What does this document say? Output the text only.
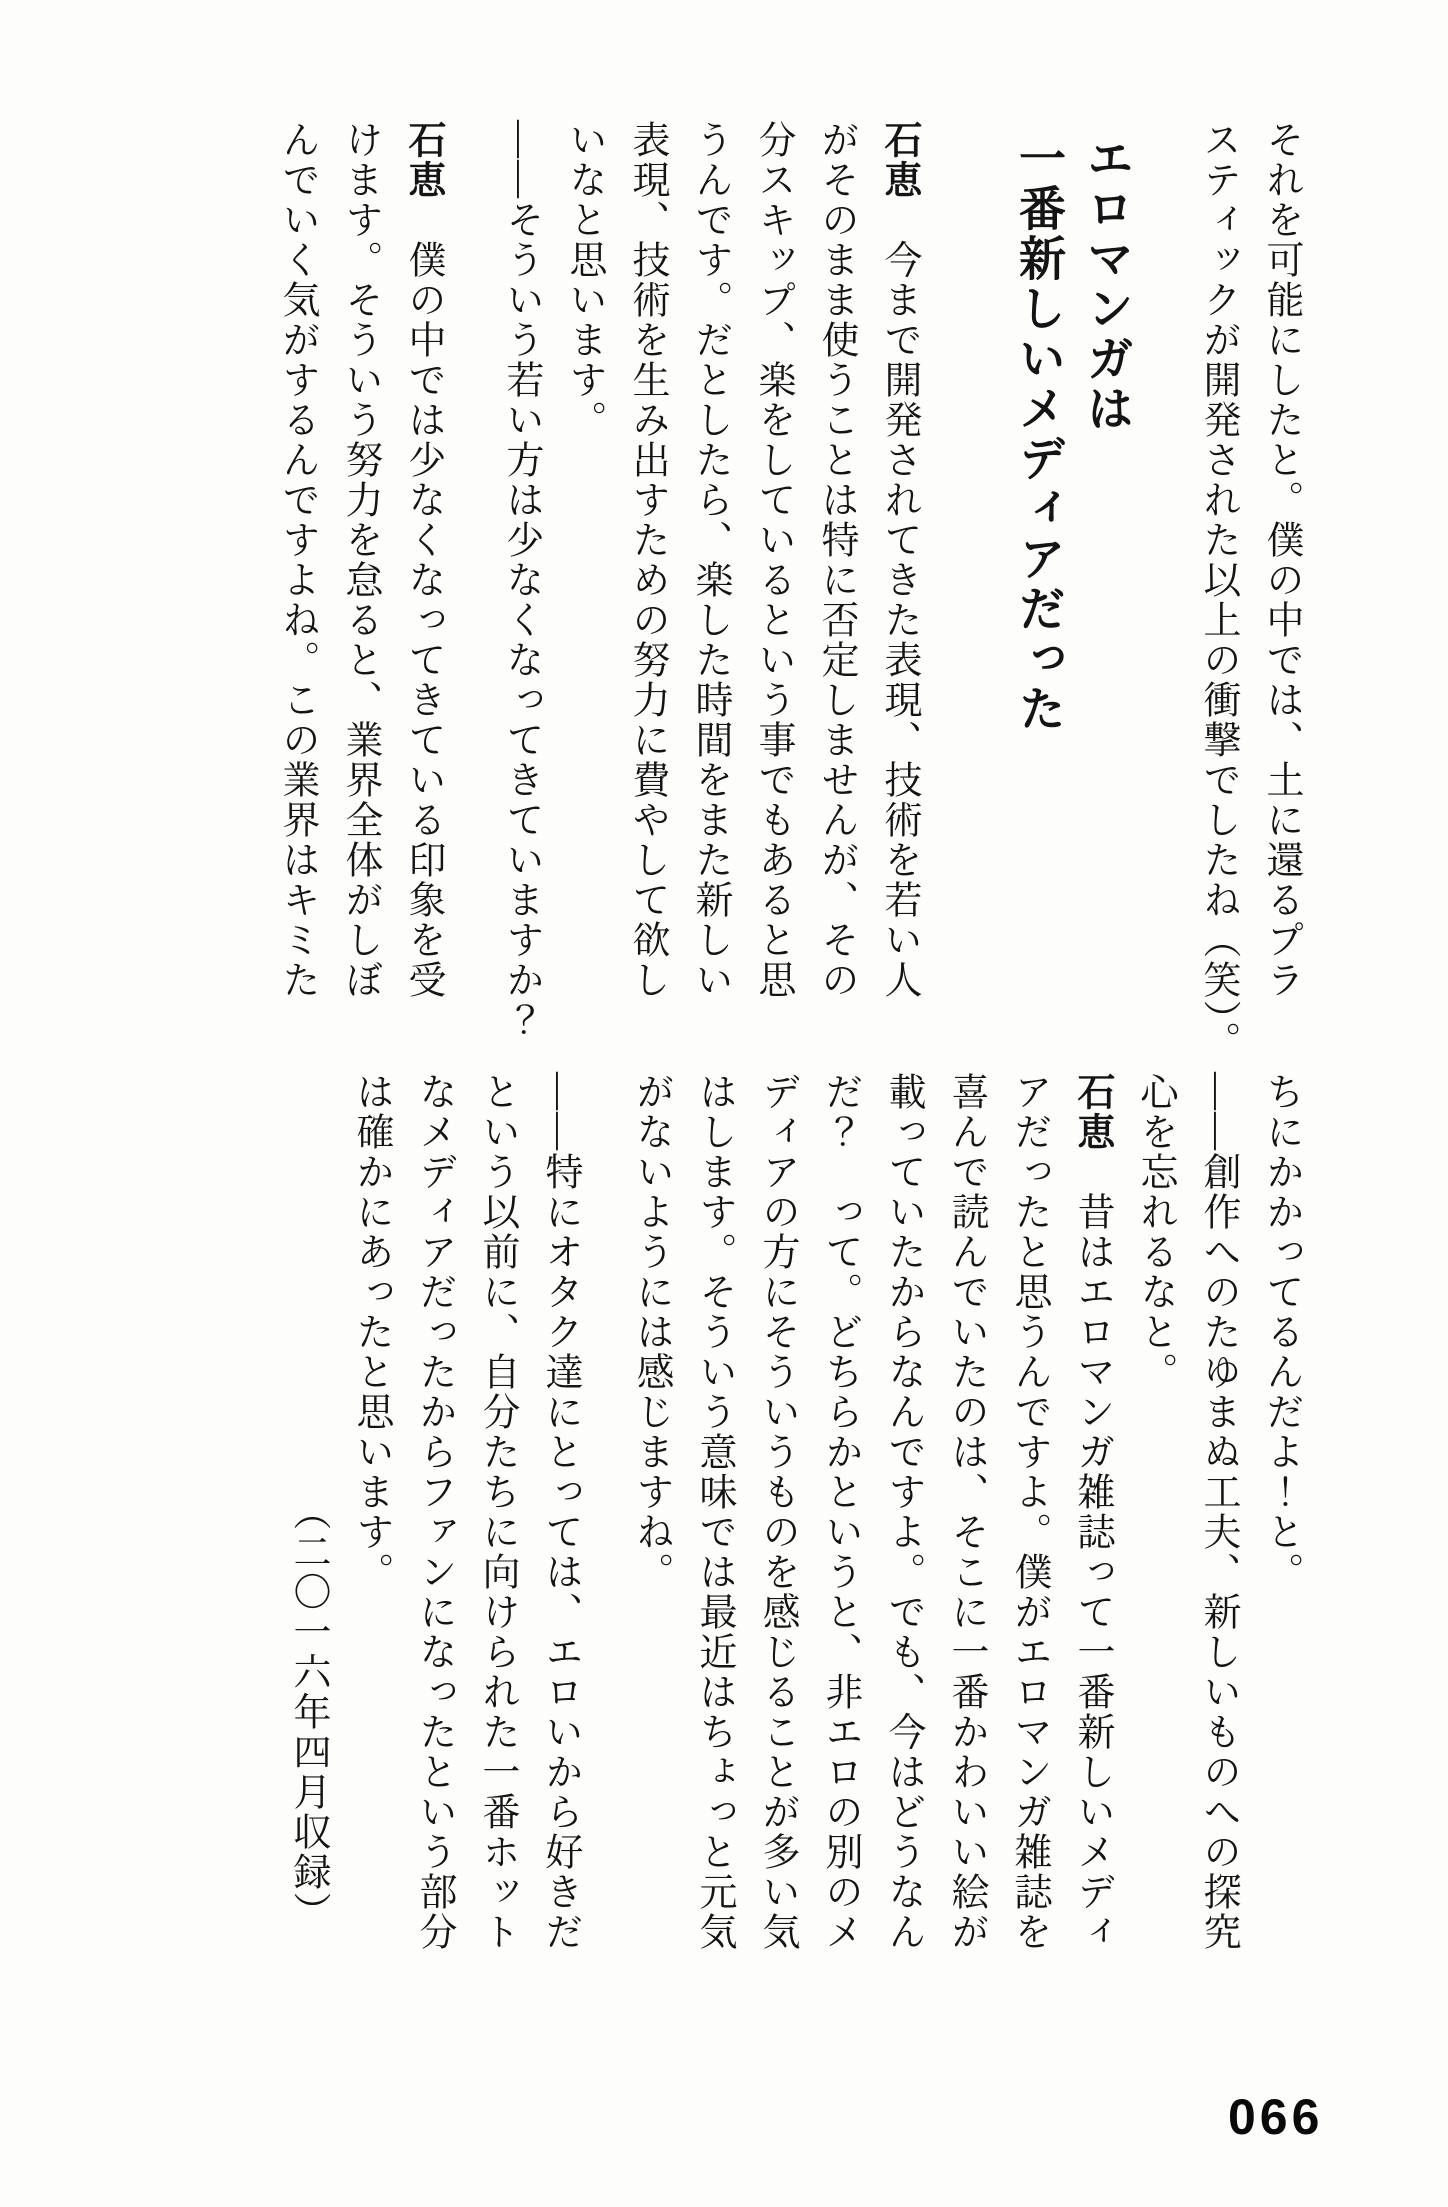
それを可能にしたと。僕の中では、土に還るプラ
スティックが開発された以上の衝撃でしたね（笑）。
エロマンガは
一番新しいメディアだった
石恵　今まで開発されてきた表現、技術を若い人
がそのまま使うことは特に否定しませんが、その
分スキップ、楽をしているという事でもあると思
うんです。だとしたら、楽した時間をまた新しい
表現、技術を生み出すための努力に費やして欲し
いなと思います。
――そういう若い方は少なくなってきていますか？
石恵　僕の中では少なくなってきている印象を受
けます。そういう努力を怠ると、業界全体がしぼ
んでいく気がするんですよね。この業界はキミた
ちにかかってるんだよ！と。
――創作へのたゆまぬ工夫、新しいものへの探究
心を忘れるなと。
石恵　昔はエロマンガ雑誌って一番新しいメディ
アだったと思うんですよ。僕がエロマンガ雑誌を
喜んで読んでいたのは、そこに一番かわいい絵が
載っていたからなんですよ。でも、今はどうなん
だ？　って。どちらかというと、非エロの別のメ
ディアの方にそういうものを感じることが多い気
はします。そういう意味では最近はちょっと元気
がないようには感じますね。
――特にオタク達にとっては、エロいから好きだ
という以前に、自分たちに向けられた一番ホット
なメディアだったからファンになったという部分
は確かにあったと思います。
（二〇一六年四月収録）
066
